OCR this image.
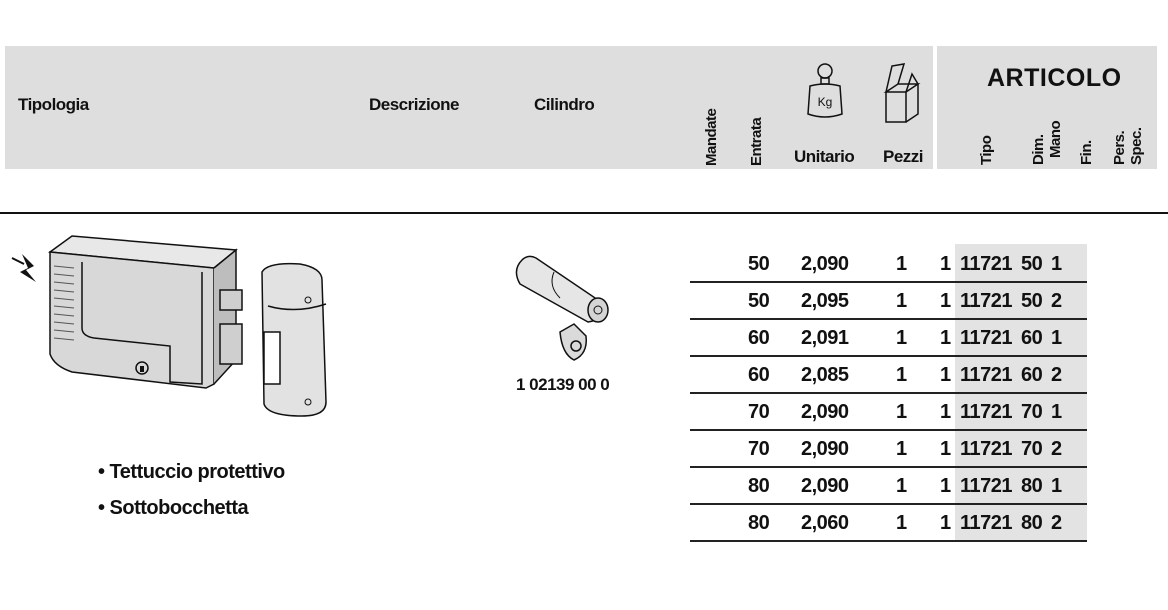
Tipologia	Descrizione	Cilindro
Mandate Entrata
Kg
Unitario Pezzi
ARTICOLO
Tipo Dim. Mano Fin. Pers. Spec.
1 02139 00 0
• Tettuccio protettivo
• Sottobocchetta
50 2,090 1 1 11721 50 1
50 2,095 1 1 11721 50 2
60 2,091 1 1 11721 60 1
60 2,085 1 1 11721 60 2
70 2,090 1 1 11721 70 1
70 2,090 1 1 11721 70 2
80 2,090 1 1 11721 80 1
80 2,060 1 1 11721 80 2
